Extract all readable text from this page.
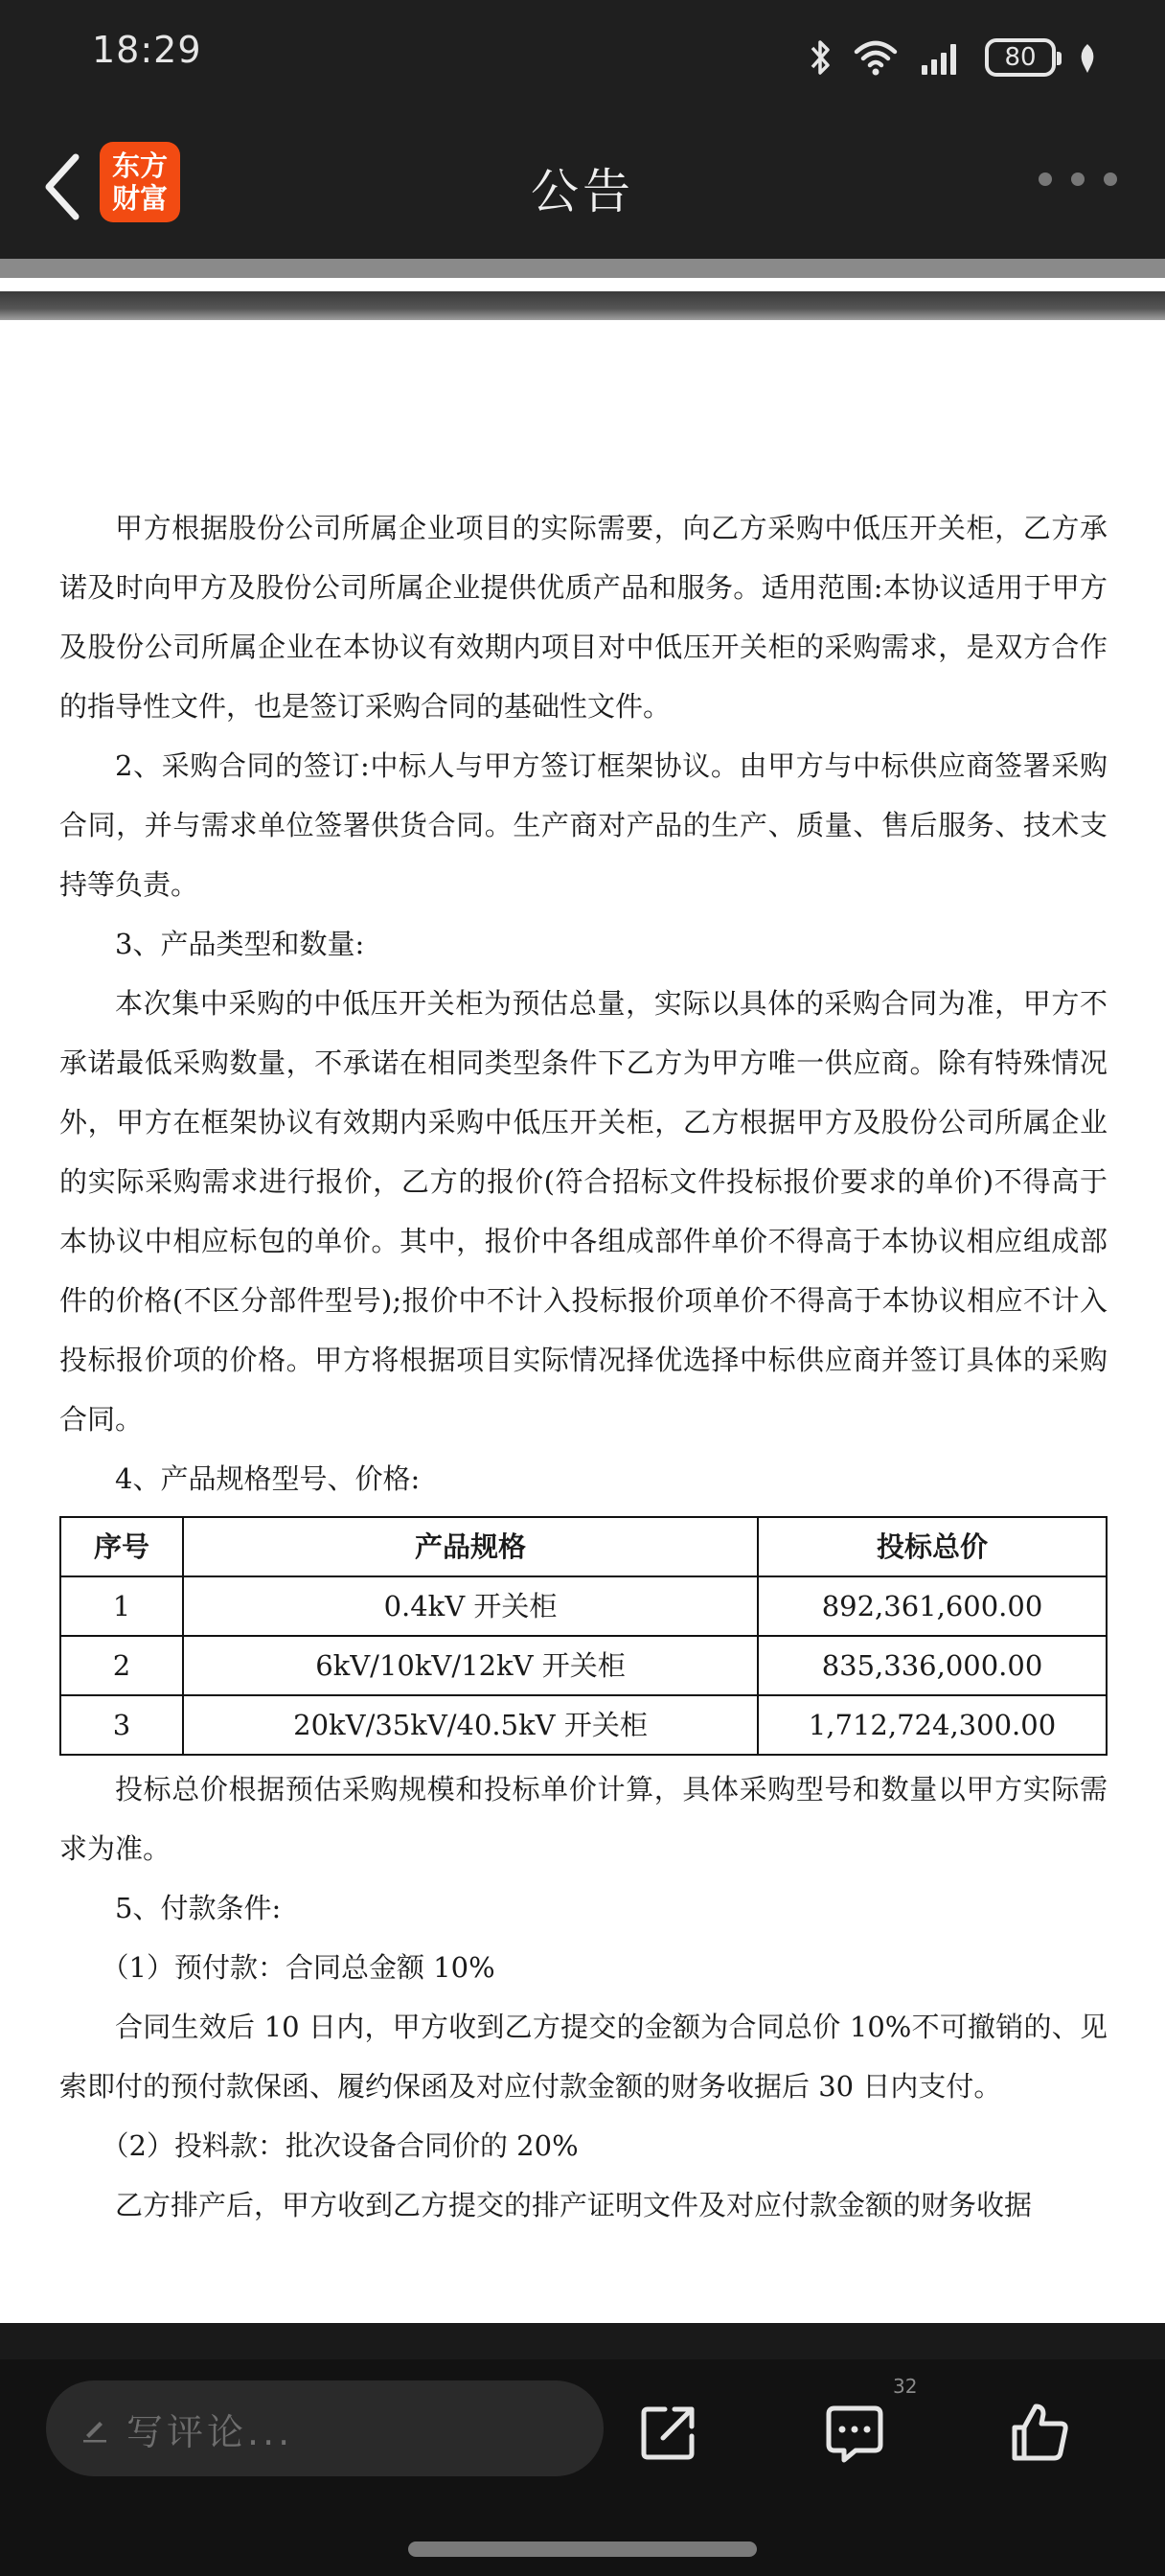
18:29	80
东方
财富	公告

甲方根据股份公司所属企业项目的实际需要，向乙方采购中低压开关柜，乙方承诺及时向甲方及股份公司所属企业提供优质产品和服务。适用范围:本协议适用于甲方及股份公司所属企业在本协议有效期内项目对中低压开关柜的采购需求，是双方合作的指导性文件，也是签订采购合同的基础性文件。

2、采购合同的签订:中标人与甲方签订框架协议。由甲方与中标供应商签署采购合同，并与需求单位签署供货合同。生产商对产品的生产、质量、售后服务、技术支持等负责。

3、产品类型和数量:

本次集中采购的中低压开关柜为预估总量，实际以具体的采购合同为准，甲方不承诺最低采购数量，不承诺在相同类型条件下乙方为甲方唯一供应商。除有特殊情况外，甲方在框架协议有效期内采购中低压开关柜，乙方根据甲方及股份公司所属企业的实际采购需求进行报价，乙方的报价(符合招标文件投标报价要求的单价)不得高于本协议中相应标包的单价。其中，报价中各组成部件单价不得高于本协议相应组成部件的价格(不区分部件型号);报价中不计入投标报价项单价不得高于本协议相应不计入投标报价项的价格。甲方将根据项目实际情况择优选择中标供应商并签订具体的采购合同。

4、产品规格型号、价格:

序号	产品规格	投标总价
1	0.4kV 开关柜	892,361,600.00
2	6kV/10kV/12kV 开关柜	835,336,000.00
3	20kV/35kV/40.5kV 开关柜	1,712,724,300.00

投标总价根据预估采购规模和投标单价计算，具体采购型号和数量以甲方实际需求为准。

5、付款条件:

（1）预付款：合同总金额 10%

合同生效后 10 日内，甲方收到乙方提交的金额为合同总价 10%不可撤销的、见索即付的预付款保函、履约保函及对应付款金额的财务收据后 30 日内支付。

（2）投料款：批次设备合同价的 20%

乙方排产后，甲方收到乙方提交的排产证明文件及对应付款金额的财务收据

写评论...
32
